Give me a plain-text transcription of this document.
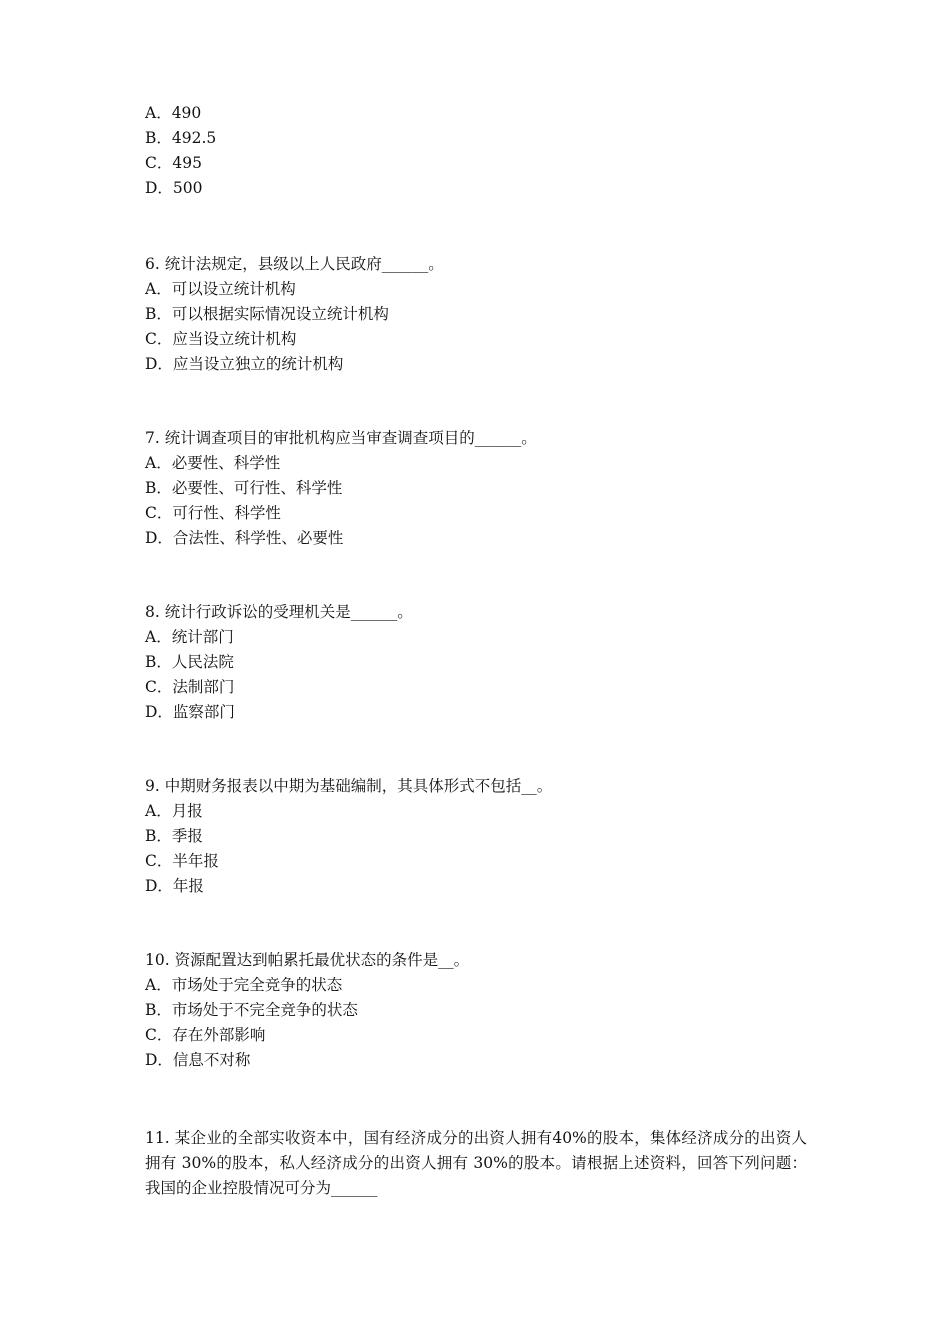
A．490
B．492.5
C．495
D．500
6. 统计法规定，县级以上人民政府______。
A．可以设立统计机构
B．可以根据实际情况设立统计机构
C．应当设立统计机构
D．应当设立独立的统计机构
7. 统计调查项目的审批机构应当审查调查项目的______。
A．必要性、科学性
B．必要性、可行性、科学性
C．可行性、科学性
D．合法性、科学性、必要性
8. 统计行政诉讼的受理机关是______。
A．统计部门
B．人民法院
C．法制部门
D．监察部门
9. 中期财务报表以中期为基础编制，其具体形式不包括__。
A．月报
B．季报
C．半年报
D．年报
10. 资源配置达到帕累托最优状态的条件是__。
A．市场处于完全竞争的状态
B．市场处于不完全竞争的状态
C．存在外部影响
D．信息不对称
11. 某企业的全部实收资本中，国有经济成分的出资人拥有40%的股本，集体经济成分的出资人拥有 30%的股本，私人经济成分的出资人拥有 30%的股本。请根据上述资料，回答下列问题：我国的企业控股情况可分为______
